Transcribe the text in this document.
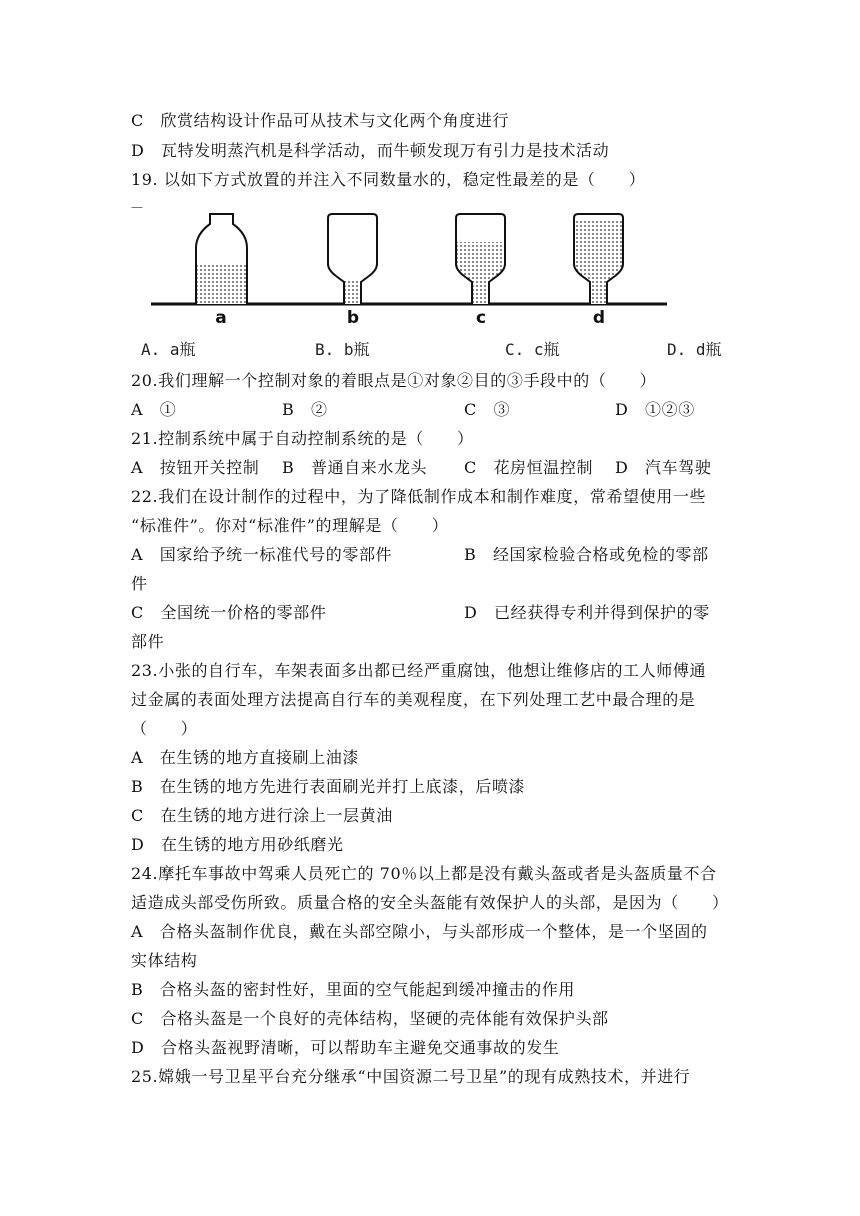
C　欣赏结构设计作品可从技术与文化两个角度进行
D　瓦特发明蒸汽机是科学活动，而牛顿发现万有引力是技术活动
19. 以如下方式放置的并注入不同数量水的，稳定性最差的是（　　）
—
a	b	c	d
A. a瓶	B. b瓶	C. c瓶	D. d瓶
20.我们理解一个控制对象的着眼点是①对象②目的③手段中的（　　）
A　①	B　②	C　③	D　①②③
21.控制系统中属于自动控制系统的是（　　）
A　按钮开关控制 B　普通自来水龙头 C　花房恒温控制 D　汽车驾驶
22.我们在设计制作的过程中，为了降低制作成本和制作难度，常希望使用一些
“标准件”。你对“标准件”的理解是（　　）
A　国家给予统一标准代号的零部件	B　经国家检验合格或免检的零部
件
C　全国统一价格的零部件	D　已经获得专利并得到保护的零
部件
23.小张的自行车，车架表面多出都已经严重腐蚀，他想让维修店的工人师傅通
过金属的表面处理方法提高自行车的美观程度，在下列处理工艺中最合理的是
（　　）
A　在生锈的地方直接刷上油漆
B　在生锈的地方先进行表面刷光并打上底漆，后喷漆
C　在生锈的地方进行涂上一层黄油
D　在生锈的地方用砂纸磨光
24.摩托车事故中驾乘人员死亡的 70％以上都是没有戴头盔或者是头盔质量不合
适造成头部受伤所致。质量合格的安全头盔能有效保护人的头部，是因为（　　）
A　合格头盔制作优良，戴在头部空隙小，与头部形成一个整体，是一个坚固的
实体结构
B　合格头盔的密封性好，里面的空气能起到缓冲撞击的作用
C　合格头盔是一个良好的壳体结构，坚硬的壳体能有效保护头部
D　合格头盔视野清晰，可以帮助车主避免交通事故的发生
25.嫦娥一号卫星平台充分继承“中国资源二号卫星”的现有成熟技术，并进行
